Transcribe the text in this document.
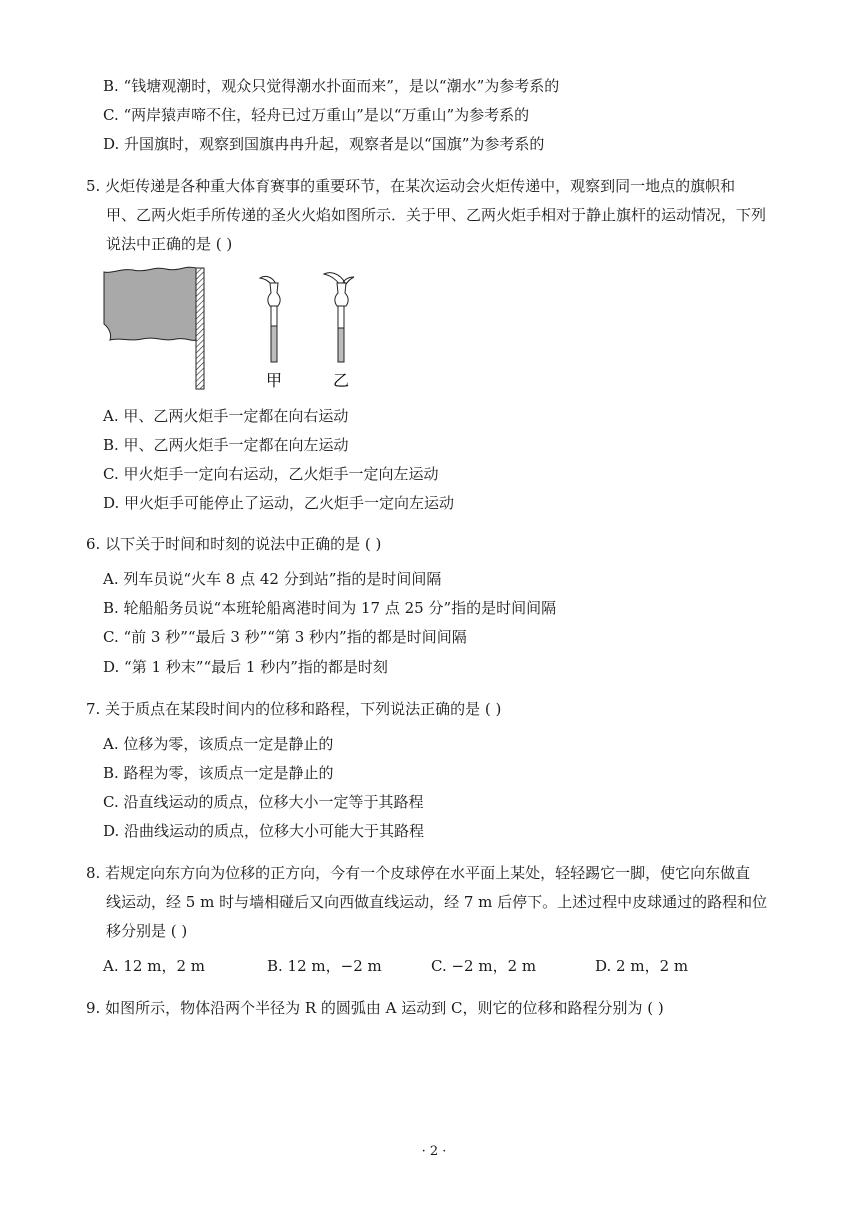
B. “钱塘观潮时，观众只觉得潮水扑面而来”，是以“潮水”为参考系的
C. “两岸猿声啼不住，轻舟已过万重山”是以“万重山”为参考系的
D. 升国旗时，观察到国旗冉冉升起，观察者是以“国旗”为参考系的
5. 火炬传递是各种重大体育赛事的重要环节，在某次运动会火炬传递中，观察到同一地点的旗帜和
甲、乙两火炬手所传递的圣火火焰如图所示．关于甲、乙两火炬手相对于静止旗杆的运动情况，下列
说法中正确的是 ( )
甲	乙
A. 甲、乙两火炬手一定都在向右运动
B. 甲、乙两火炬手一定都在向左运动
C. 甲火炬手一定向右运动，乙火炬手一定向左运动
D. 甲火炬手可能停止了运动，乙火炬手一定向左运动
6. 以下关于时间和时刻的说法中正确的是 ( )
A. 列车员说“火车 8 点 42 分到站”指的是时间间隔
B. 轮船船务员说“本班轮船离港时间为 17 点 25 分”指的是时间间隔
C. “前 3 秒”“最后 3 秒”“第 3 秒内”指的都是时间间隔
D. “第 1 秒末”“最后 1 秒内”指的都是时刻
7. 关于质点在某段时间内的位移和路程，下列说法正确的是 ( )
A. 位移为零，该质点一定是静止的
B. 路程为零，该质点一定是静止的
C. 沿直线运动的质点，位移大小一定等于其路程
D. 沿曲线运动的质点，位移大小可能大于其路程
8. 若规定向东方向为位移的正方向，今有一个皮球停在水平面上某处，轻轻踢它一脚，使它向东做直
线运动，经 5 m 时与墙相碰后又向西做直线运动，经 7 m 后停下。上述过程中皮球通过的路程和位
移分别是 ( )
A. 12 m，2 m	B. 12 m，−2 m	C. −2 m，2 m	D. 2 m，2 m
9. 如图所示，物体沿两个半径为 R 的圆弧由 A 运动到 C，则它的位移和路程分别为 ( )
· 2 ·
